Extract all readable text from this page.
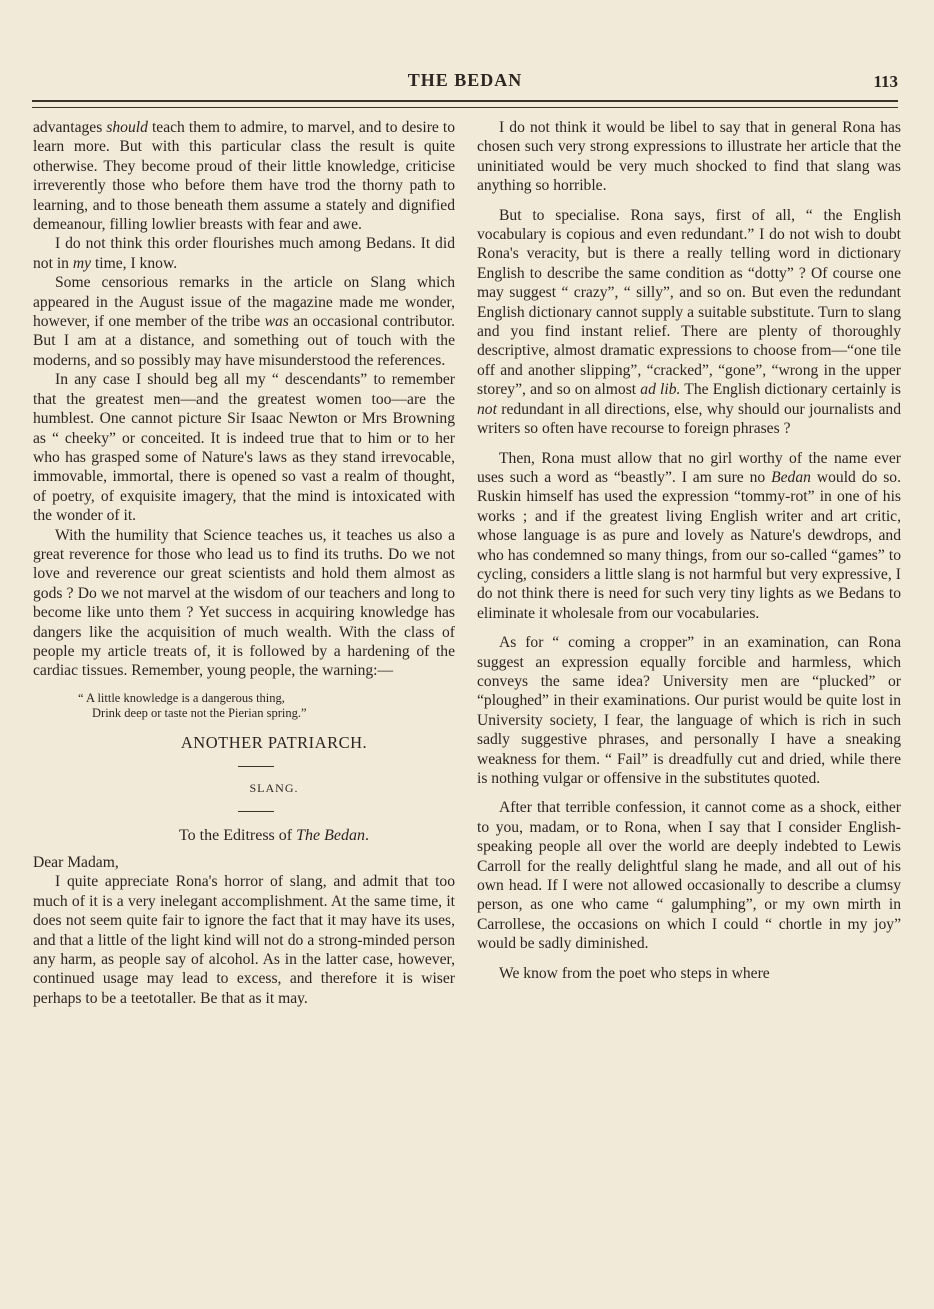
THE BEDAN	113

advantages should teach them to admire, to marvel, and to desire to learn more. But with this particular class the result is quite otherwise. They become proud of their little knowledge, criticise irreverently those who before them have trod the thorny path to learning, and to those beneath them assume a stately and dignified demeanour, filling lowlier breasts with fear and awe.

I do not think this order flourishes much among Bedans. It did not in my time, I know.

Some censorious remarks in the article on Slang which appeared in the August issue of the magazine made me wonder, however, if one member of the tribe was an occasional contributor. But I am at a distance, and something out of touch with the moderns, and so possibly may have misunderstood the references.

In any case I should beg all my “ descendants” to remember that the greatest men—and the greatest women too—are the humblest. One cannot picture Sir Isaac Newton or Mrs Browning as “ cheeky” or conceited. It is indeed true that to him or to her who has grasped some of Nature's laws as they stand irrevocable, immovable, immortal, there is opened so vast a realm of thought, of poetry, of exquisite imagery, that the mind is intoxicated with the wonder of it.

With the humility that Science teaches us, it teaches us also a great reverence for those who lead us to find its truths. Do we not love and reverence our great scientists and hold them almost as gods ? Do we not marvel at the wisdom of our teachers and long to become like unto them ? Yet success in acquiring knowledge has dangers like the acquisition of much wealth. With the class of people my article treats of, it is followed by a hardening of the cardiac tissues. Remember, young people, the warning:—

“ A little knowledge is a dangerous thing,
Drink deep or taste not the Pierian spring.”
ANOTHER PATRIARCH.
SLANG.
To the Editress of The Bedan.

Dear Madam,

I quite appreciate Rona's horror of slang, and admit that too much of it is a very inelegant accomplishment. At the same time, it does not seem quite fair to ignore the fact that it may have its uses, and that a little of the light kind will not do a strong-minded person any harm, as people say of alcohol. As in the latter case, however, continued usage may lead to excess, and therefore it is wiser perhaps to be a teetotaller. Be that as it may.

I do not think it would be libel to say that in general Rona has chosen such very strong expressions to illustrate her article that the uninitiated would be very much shocked to find that slang was anything so horrible.

But to specialise. Rona says, first of all, “ the English vocabulary is copious and even redundant.” I do not wish to doubt Rona's veracity, but is there a really telling word in dictionary English to describe the same condition as “dotty” ? Of course one may suggest “ crazy”, “ silly”, and so on. But even the redundant English dictionary cannot supply a suitable substitute. Turn to slang and you find instant relief. There are plenty of thoroughly descriptive, almost dramatic expressions to choose from—“one tile off and another slipping”, “cracked”, “gone”, “wrong in the upper storey”, and so on almost ad lib. The English dictionary certainly is not redundant in all directions, else, why should our journalists and writers so often have recourse to foreign phrases ?

Then, Rona must allow that no girl worthy of the name ever uses such a word as “beastly”. I am sure no Bedan would do so. Ruskin himself has used the expression “tommy-rot” in one of his works ; and if the greatest living English writer and art critic, whose language is as pure and lovely as Nature's dewdrops, and who has condemned so many things, from our so-called “games” to cycling, considers a little slang is not harmful but very expressive, I do not think there is need for such very tiny lights as we Bedans to eliminate it wholesale from our vocabularies.

As for “ coming a cropper” in an examination, can Rona suggest an expression equally forcible and harmless, which conveys the same idea? University men are “plucked” or “ploughed” in their examinations. Our purist would be quite lost in University society, I fear, the language of which is rich in such sadly suggestive phrases, and personally I have a sneaking weakness for them. “ Fail” is dreadfully cut and dried, while there is nothing vulgar or offensive in the substitutes quoted.

After that terrible confession, it cannot come as a shock, either to you, madam, or to Rona, when I say that I consider English-speaking people all over the world are deeply indebted to Lewis Carroll for the really delightful slang he made, and all out of his own head. If I were not allowed occasionally to describe a clumsy person, as one who came “ galumphing”, or my own mirth in Carrollese, the occasions on which I could “ chortle in my joy” would be sadly diminished.

We know from the poet who steps in where
